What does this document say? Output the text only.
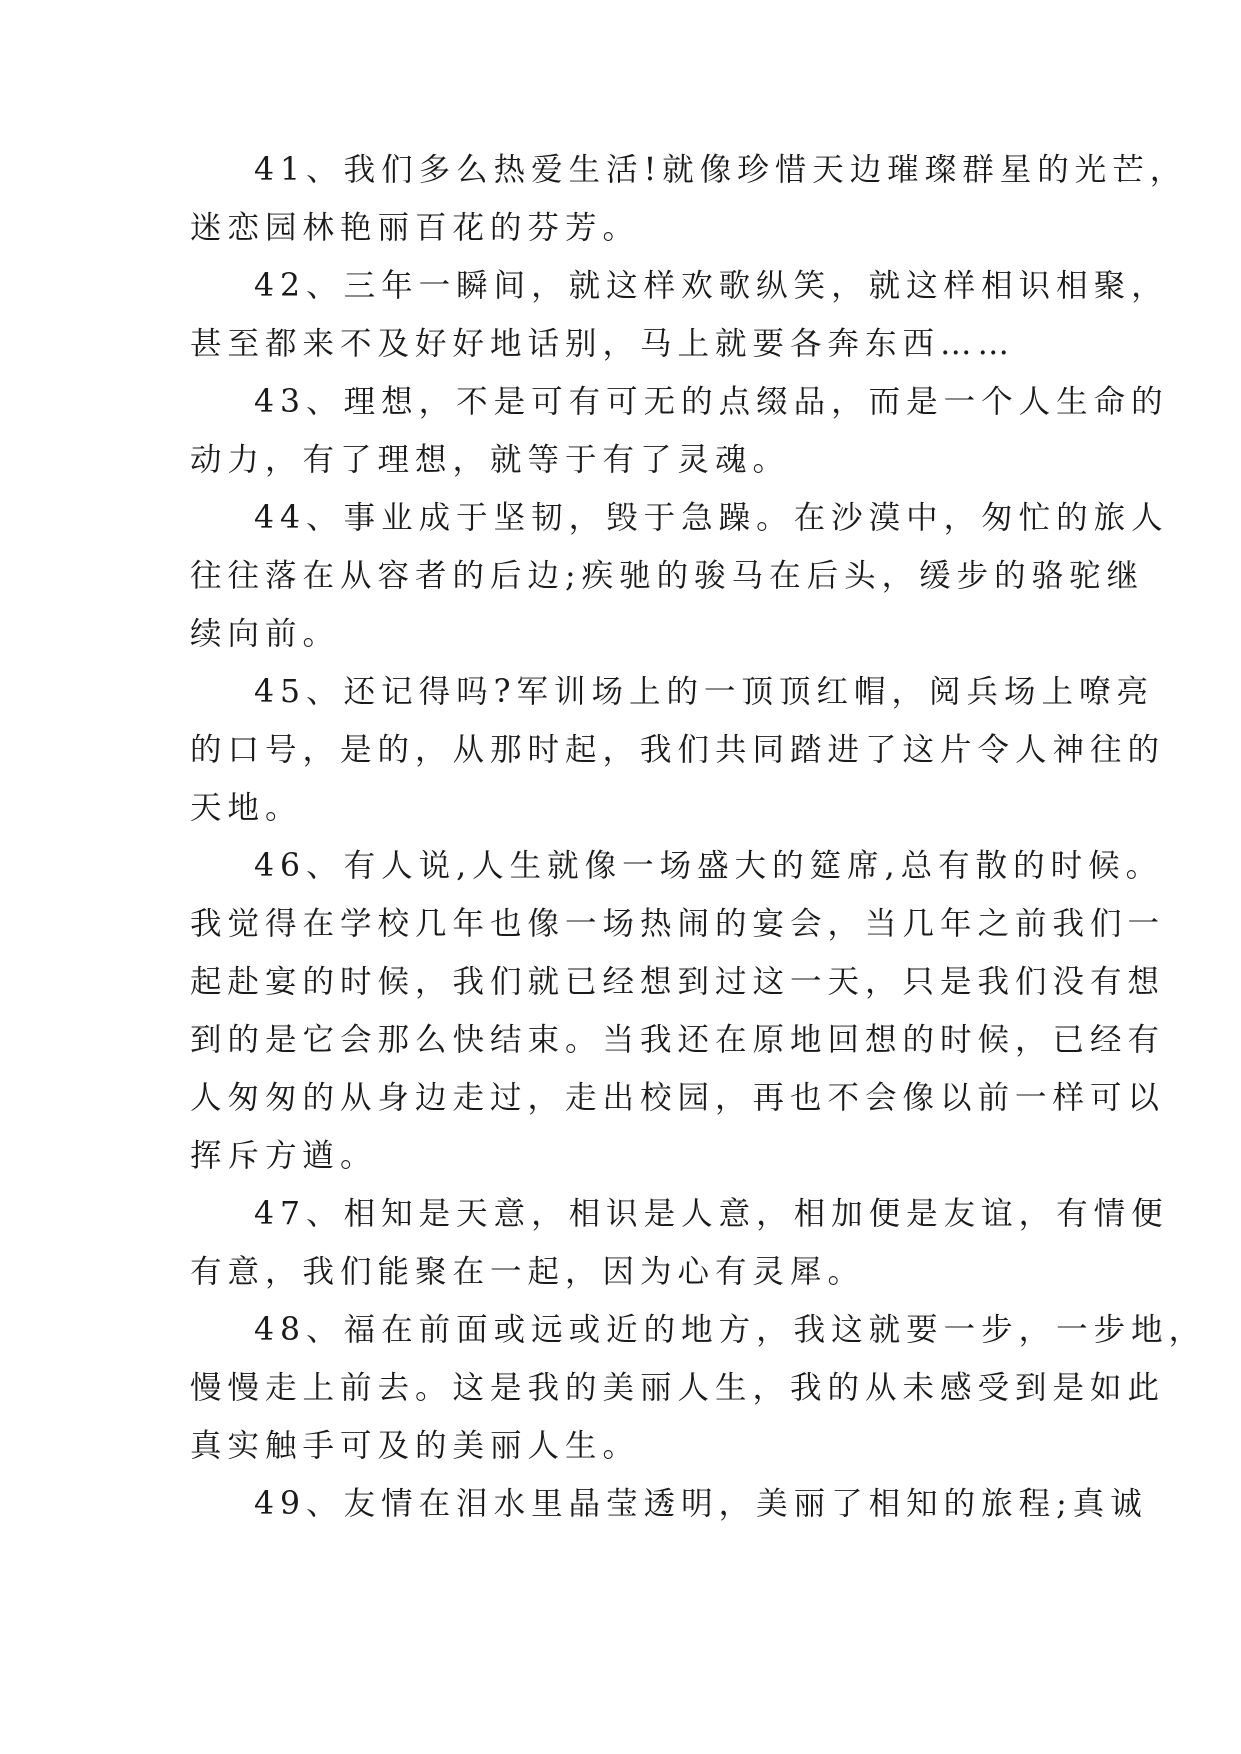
41、我们多么热爱生活!就像珍惜天边璀璨群星的光芒，
迷恋园林艳丽百花的芬芳。
42、三年一瞬间，就这样欢歌纵笑，就这样相识相聚，
甚至都来不及好好地话别，马上就要各奔东西……
43、理想，不是可有可无的点缀品，而是一个人生命的
动力，有了理想，就等于有了灵魂。
44、事业成于坚韧，毁于急躁。在沙漠中，匆忙的旅人
往往落在从容者的后边;疾驰的骏马在后头，缓步的骆驼继
续向前。
45、还记得吗?军训场上的一顶顶红帽，阅兵场上嘹亮
的口号，是的，从那时起，我们共同踏进了这片令人神往的
天地。
46、有人说,人生就像一场盛大的筵席,总有散的时候。
我觉得在学校几年也像一场热闹的宴会，当几年之前我们一
起赴宴的时候，我们就已经想到过这一天，只是我们没有想
到的是它会那么快结束。当我还在原地回想的时候，已经有
人匆匆的从身边走过，走出校园，再也不会像以前一样可以
挥斥方遒。
47、相知是天意，相识是人意，相加便是友谊，有情便
有意，我们能聚在一起，因为心有灵犀。
48、福在前面或远或近的地方，我这就要一步，一步地，
慢慢走上前去。这是我的美丽人生，我的从未感受到是如此
真实触手可及的美丽人生。
49、友情在泪水里晶莹透明，美丽了相知的旅程;真诚
